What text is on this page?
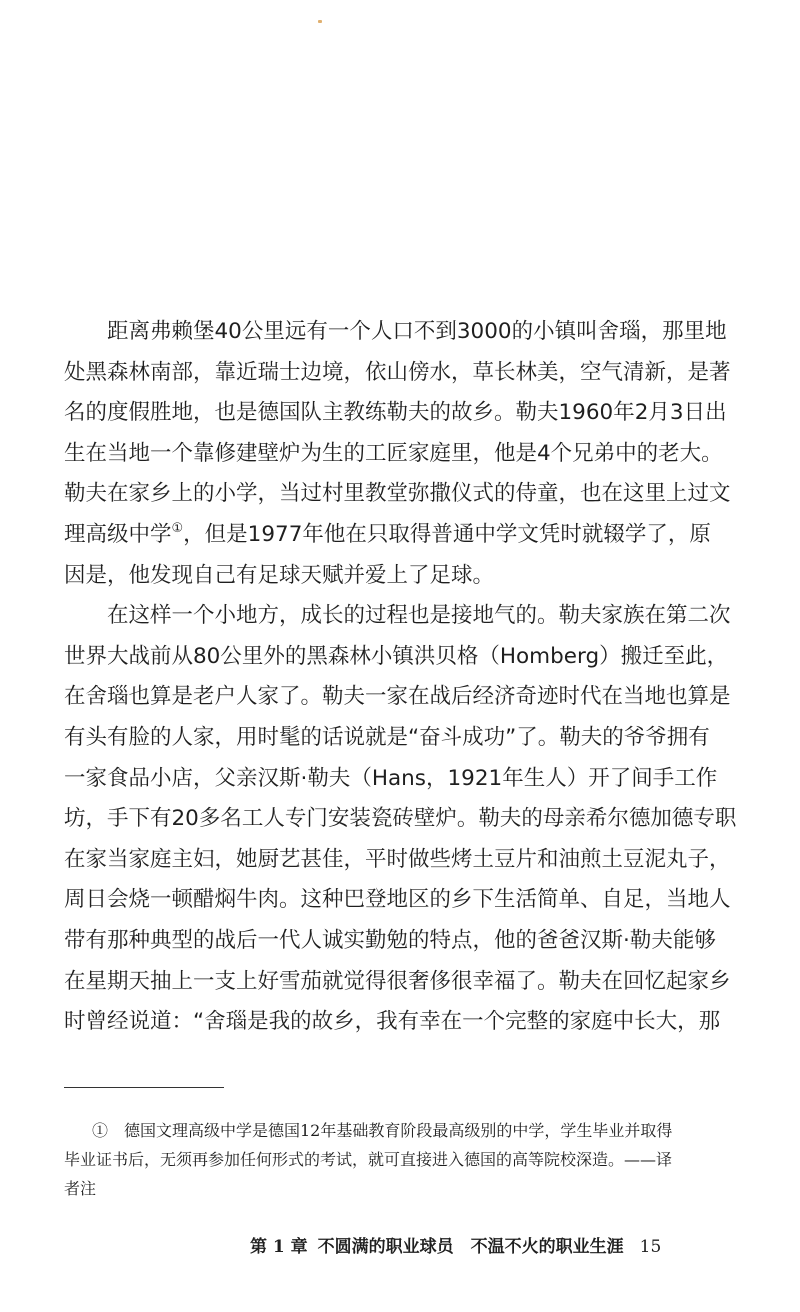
距离弗赖堡40公里远有一个人口不到3000的小镇叫舍瑙，那里地
处黑森林南部，靠近瑞士边境，依山傍水，草长林美，空气清新，是著
名的度假胜地，也是德国队主教练勒夫的故乡。勒夫1960年2月3日出
生在当地一个靠修建壁炉为生的工匠家庭里，他是4个兄弟中的老大。
勒夫在家乡上的小学，当过村里教堂弥撒仪式的侍童，也在这里上过文
理高级中学①，但是1977年他在只取得普通中学文凭时就辍学了，原
因是，他发现自己有足球天赋并爱上了足球。
在这样一个小地方，成长的过程也是接地气的。勒夫家族在第二次
世界大战前从80公里外的黑森林小镇洪贝格（Homberg）搬迁至此，
在舍瑙也算是老户人家了。勒夫一家在战后经济奇迹时代在当地也算是
有头有脸的人家，用时髦的话说就是“奋斗成功”了。勒夫的爷爷拥有
一家食品小店，父亲汉斯·勒夫（Hans，1921年生人）开了间手工作
坊，手下有20多名工人专门安装瓷砖壁炉。勒夫的母亲希尔德加德专职
在家当家庭主妇，她厨艺甚佳，平时做些烤土豆片和油煎土豆泥丸子，
周日会烧一顿醋焖牛肉。这种巴登地区的乡下生活简单、自足，当地人
带有那种典型的战后一代人诚实勤勉的特点，他的爸爸汉斯·勒夫能够
在星期天抽上一支上好雪茄就觉得很奢侈很幸福了。勒夫在回忆起家乡
时曾经说道：“舍瑙是我的故乡，我有幸在一个完整的家庭中长大，那
①　德国文理高级中学是德国12年基础教育阶段最高级别的中学，学生毕业并取得
毕业证书后，无须再参加任何形式的考试，就可直接进入德国的高等院校深造。——译
者注
第 1 章 不圆满的职业球员　不温不火的职业生涯 15
